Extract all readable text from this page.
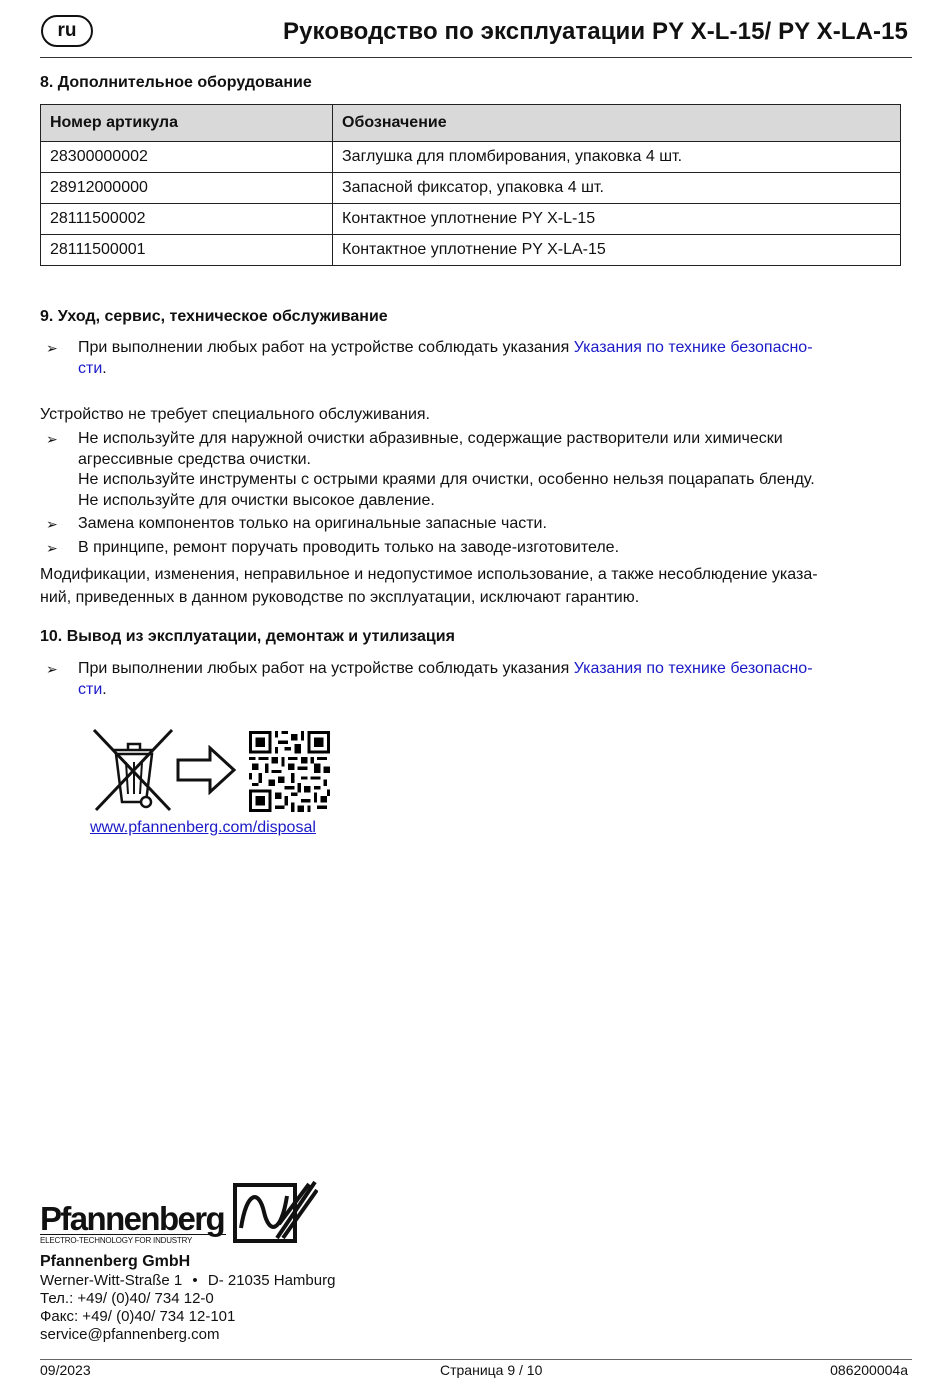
ru	Руководство по эксплуатации PY X-L-15/ PY X-LA-15
8. Дополнительное оборудование
Номер артикула	Обозначение
28300000002	Заглушка для пломбирования, упаковка 4 шт.
28912000000	Запасной фиксатор, упаковка 4 шт.
28111500002	Контактное уплотнение PY X-L-15
28111500001	Контактное уплотнение PY X-LA-15
9. Уход, сервис, техническое обслуживание
➢ При выполнении любых работ на устройстве соблюдать указания Указания по технике безопасно-
сти.
Устройство не требует специального обслуживания.
➢ Не используйте для наружной очистки абразивные, содержащие растворители или химически
агрессивные средства очистки.
Не используйте инструменты с острыми краями для очистки, особенно нельзя поцарапать бленду.
Не используйте для очистки высокое давление.
➢ Замена компонентов только на оригинальные запасные части.
➢ В принципе, ремонт поручать проводить только на заводе-изготовителе.
Модификации, изменения, неправильное и недопустимое использование, а также несоблюдение указа-
ний, приведенных в данном руководстве по эксплуатации, исключают гарантию.
10. Вывод из эксплуатации, демонтаж и утилизация
➢ При выполнении любых работ на устройстве соблюдать указания Указания по технике безопасно-
сти.
www.pfannenberg.com/disposal
Pfannenberg
ELECTRO-TECHNOLOGY FOR INDUSTRY
Pfannenberg GmbH
Werner-Witt-Straße 1 • D- 21035 Hamburg
Тел.: +49/ (0)40/ 734 12-0
Факс: +49/ (0)40/ 734 12-101
service@pfannenberg.com
09/2023	Страница 9 / 10	086200004a
